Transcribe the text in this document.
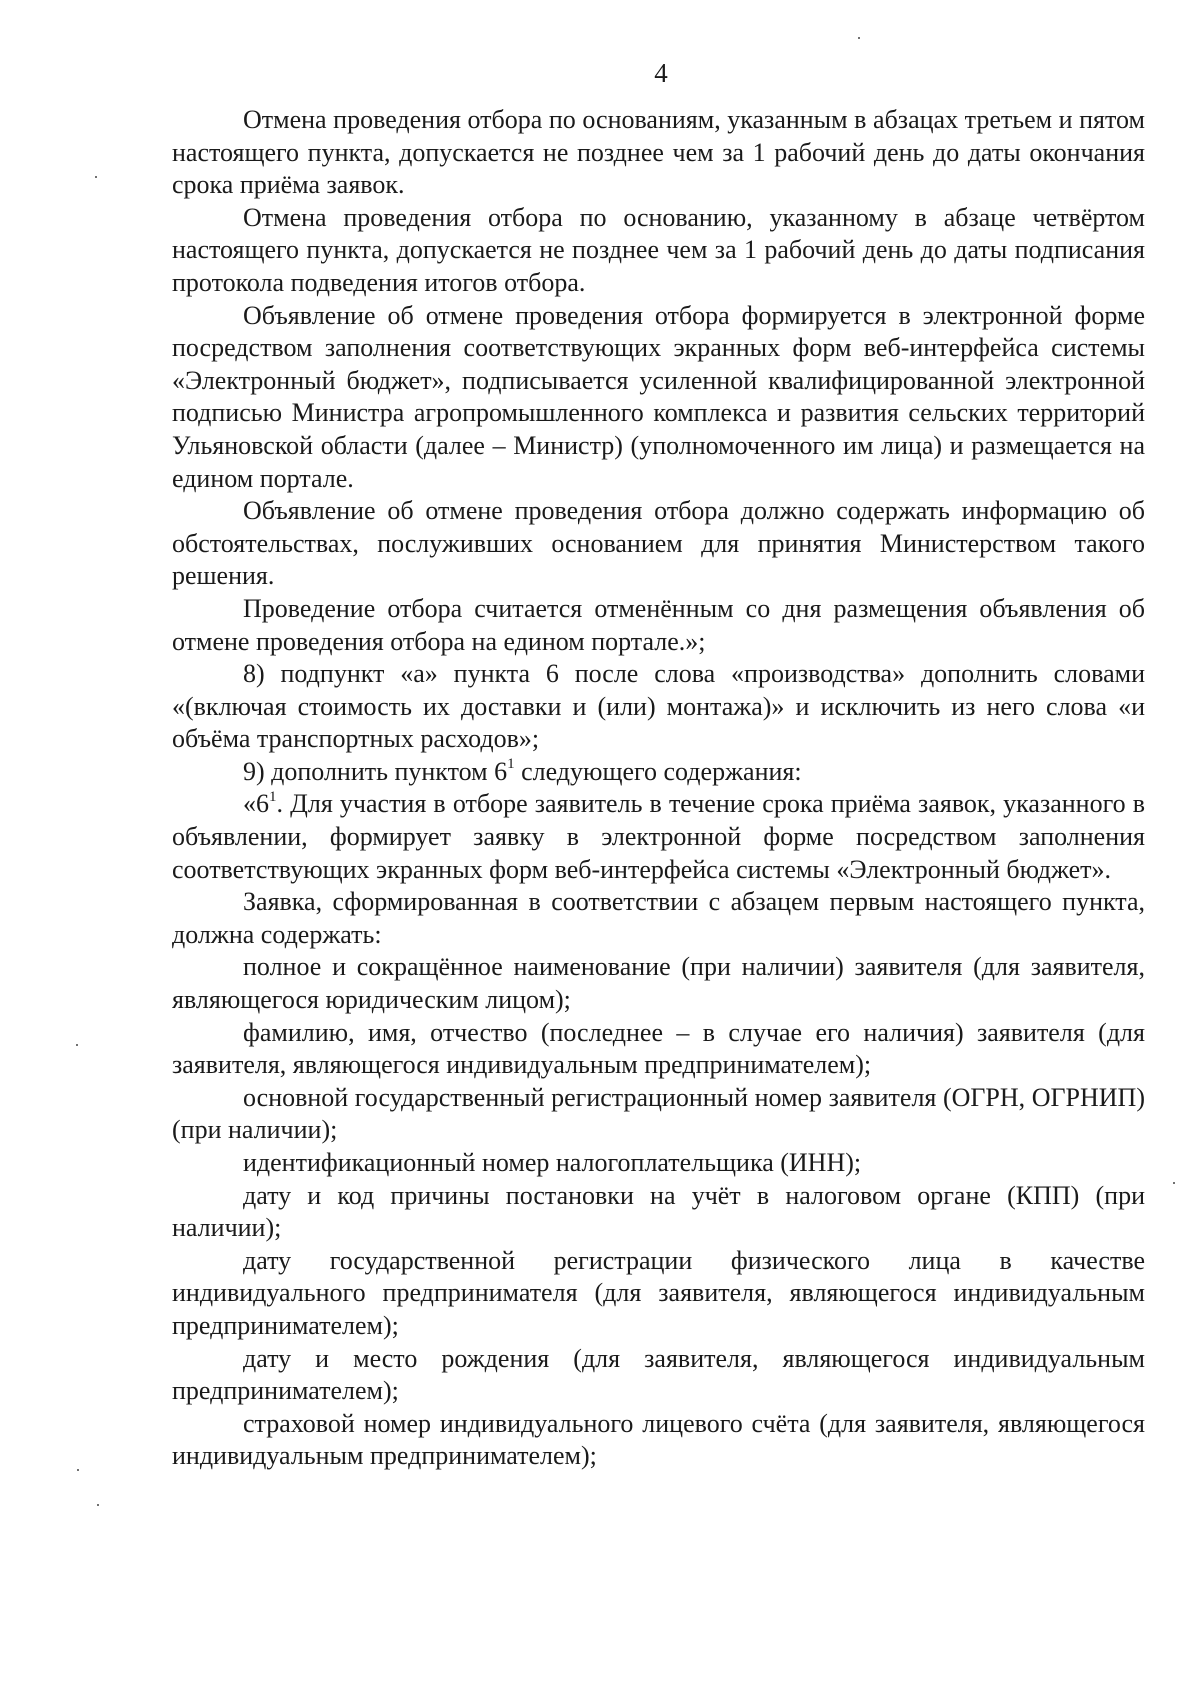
4

Отмена проведения отбора по основаниям, указанным в абзацах третьем и пятом настоящего пункта, допускается не позднее чем за 1 рабочий день до даты окончания срока приёма заявок.

Отмена проведения отбора по основанию, указанному в абзаце четвёртом настоящего пункта, допускается не позднее чем за 1 рабочий день до даты подписания протокола подведения итогов отбора.

Объявление об отмене проведения отбора формируется в электронной форме посредством заполнения соответствующих экранных форм веб-интерфейса системы «Электронный бюджет», подписывается усиленной квалифицированной электронной подписью Министра агропромышленного комплекса и развития сельских территорий Ульяновской области (далее – Министр) (уполномоченного им лица) и размещается на едином портале.

Объявление об отмене проведения отбора должно содержать информацию об обстоятельствах, послуживших основанием для принятия Министерством такого решения.

Проведение отбора считается отменённым со дня размещения объявления об отмене проведения отбора на едином портале.»;

8) подпункт «а» пункта 6 после слова «производства» дополнить словами «(включая стоимость их доставки и (или) монтажа)» и исключить из него слова «и объёма транспортных расходов»;

9) дополнить пунктом $6^1$ следующего содержания:

«$6^1$. Для участия в отборе заявитель в течение срока приёма заявок, указанного в объявлении, формирует заявку в электронной форме посредством заполнения соответствующих экранных форм веб-интерфейса системы «Электронный бюджет».

Заявка, сформированная в соответствии с абзацем первым настоящего пункта, должна содержать:

полное и сокращённое наименование (при наличии) заявителя (для заявителя, являющегося юридическим лицом);

фамилию, имя, отчество (последнее – в случае его наличия) заявителя (для заявителя, являющегося индивидуальным предпринимателем);

основной государственный регистрационный номер заявителя (ОГРН, ОГРНИП) (при наличии);

идентификационный номер налогоплательщика (ИНН);

дату и код причины постановки на учёт в налоговом органе (КПП) (при наличии);

дату государственной регистрации физического лица в качестве индивидуального предпринимателя (для заявителя, являющегося индивидуальным предпринимателем);

дату и место рождения (для заявителя, являющегося индивидуальным предпринимателем);

страховой номер индивидуального лицевого счёта (для заявителя, являющегося индивидуальным предпринимателем);
